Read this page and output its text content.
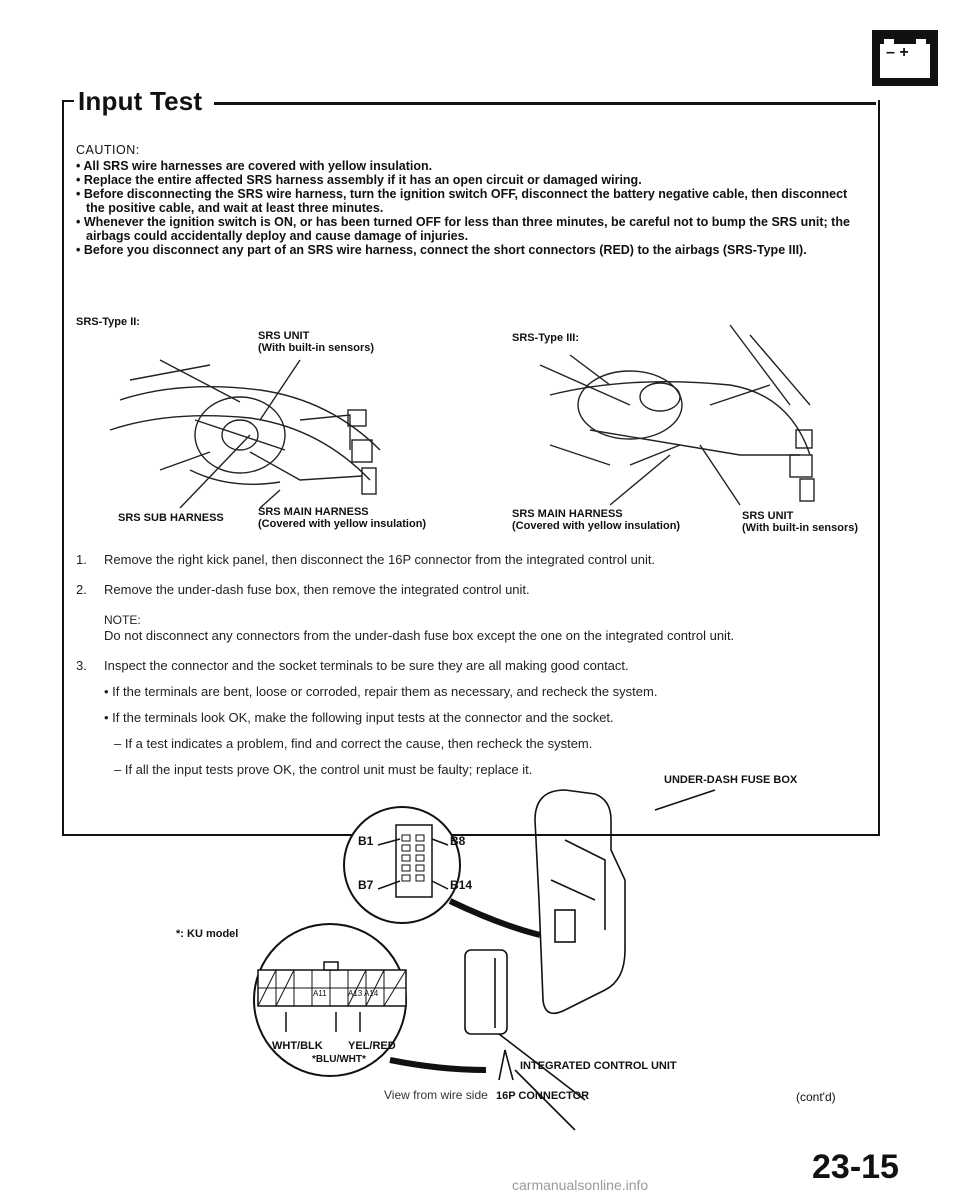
– +
Input Test
CAUTION:
• All SRS wire harnesses are covered with yellow insulation.
• Replace the entire affected SRS harness assembly if it has an open circuit or damaged wiring.
• Before disconnecting the SRS wire harness, turn the ignition switch OFF, disconnect the battery negative cable, then disconnect the positive cable, and wait at least three minutes.
• Whenever the ignition switch is ON, or has been turned OFF for less than three minutes, be careful not to bump the SRS unit; the airbags could accidentally deploy and cause damage of injuries.
• Before you disconnect any part of an SRS wire harness, connect the short connectors (RED) to the airbags (SRS-Type III).
SRS-Type II:
SRS UNIT
(With built-in sensors)
SRS-Type III:
SRS SUB HARNESS	SRS MAIN HARNESS
(Covered with yellow insulation)
SRS MAIN HARNESS
(Covered with yellow insulation)
SRS UNIT
(With built-in sensors)
1.	Remove the right kick panel, then disconnect the 16P connector from the integrated control unit.
2.	Remove the under-dash fuse box, then remove the integrated control unit.
NOTE:
Do not disconnect any connectors from the under-dash fuse box except the one on the integrated control unit.
3.	Inspect the connector and the socket terminals to be sure they are all making good contact.
• If the terminals are bent, loose or corroded, repair them as necessary, and recheck the system.
• If the terminals look OK, make the following input tests at the connector and the socket.
– If a test indicates a problem, find and correct the cause, then recheck the system.
– If all the input tests prove OK, the control unit must be faulty; replace it.
UNDER-DASH FUSE BOX
*: KU model
B1
B7
B8
B14
A11	A13 A14
WHT/BLK YEL/RED
*BLU/WHT*
INTEGRATED CONTROL UNIT
View from wire side 16P CONNECTOR	(cont'd)
23-15
carmanualsonline.info
